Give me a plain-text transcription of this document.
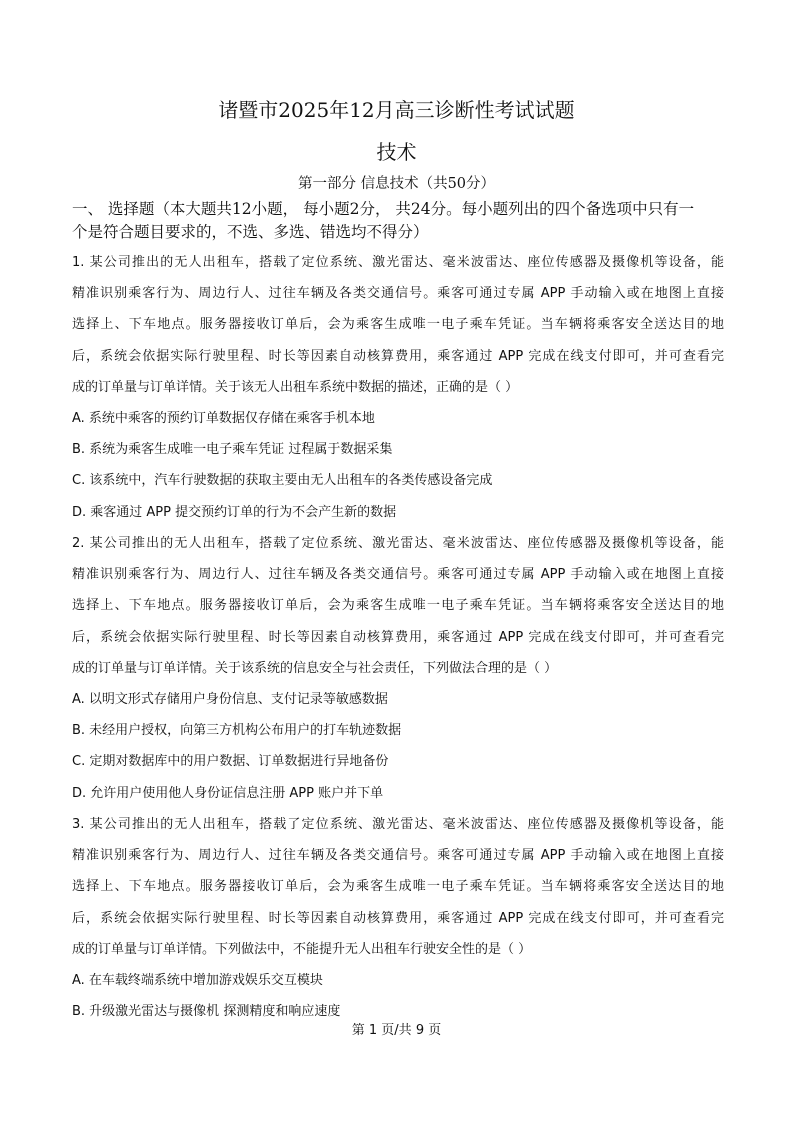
诸暨市2025年12月高三诊断性考试试题
技术
第一部分 信息技术（共50分）
一、 选择题（本大题共12小题， 每小题2分， 共24分。每小题列出的四个备选项中只有一
个是符合题目要求的，不选、多选、错选均不得分）
1. 某公司推出的无人出租车，搭载了定位系统、激光雷达、毫米波雷达、座位传感器及摄像机等设备，能
精准识别乘客行为、周边行人、过往车辆及各类交通信号。乘客可通过专属 APP 手动输入或在地图上直接
选择上、下车地点。服务器接收订单后，会为乘客生成唯一电子乘车凭证。当车辆将乘客安全送达目的地
后，系统会依据实际行驶里程、时长等因素自动核算费用，乘客通过 APP 完成在线支付即可，并可查看完
成的订单量与订单详情。关于该无人出租车系统中数据的描述，正确的是（ ）
A. 系统中乘客的预约订单数据仅存储在乘客手机本地
B. 系统为乘客生成唯一电子乘车凭证 过程属于数据采集
C. 该系统中，汽车行驶数据的获取主要由无人出租车的各类传感设备完成
D. 乘客通过 APP 提交预约订单的行为不会产生新的数据
2. 某公司推出的无人出租车，搭载了定位系统、激光雷达、毫米波雷达、座位传感器及摄像机等设备，能
精准识别乘客行为、周边行人、过往车辆及各类交通信号。乘客可通过专属 APP 手动输入或在地图上直接
选择上、下车地点。服务器接收订单后，会为乘客生成唯一电子乘车凭证。当车辆将乘客安全送达目的地
后，系统会依据实际行驶里程、时长等因素自动核算费用，乘客通过 APP 完成在线支付即可，并可查看完
成的订单量与订单详情。关于该系统的信息安全与社会责任，下列做法合理的是（ ）
A. 以明文形式存储用户身份信息、支付记录等敏感数据
B. 未经用户授权，向第三方机构公布用户的打车轨迹数据
C. 定期对数据库中的用户数据、订单数据进行异地备份
D. 允许用户使用他人身份证信息注册 APP 账户并下单
3. 某公司推出的无人出租车，搭载了定位系统、激光雷达、毫米波雷达、座位传感器及摄像机等设备，能
精准识别乘客行为、周边行人、过往车辆及各类交通信号。乘客可通过专属 APP 手动输入或在地图上直接
选择上、下车地点。服务器接收订单后，会为乘客生成唯一电子乘车凭证。当车辆将乘客安全送达目的地
后，系统会依据实际行驶里程、时长等因素自动核算费用，乘客通过 APP 完成在线支付即可，并可查看完
成的订单量与订单详情。下列做法中，不能提升无人出租车行驶安全性的是（ ）
A. 在车载终端系统中增加游戏娱乐交互模块
B. 升级激光雷达与摄像机 探测精度和响应速度
第 1 页/共 9 页
